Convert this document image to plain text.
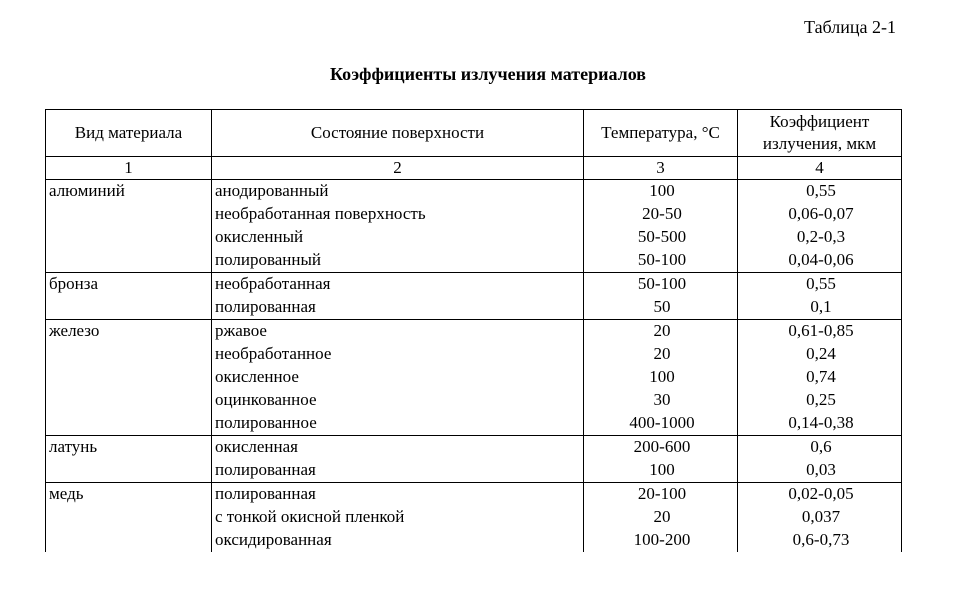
Таблица 2-1
Коэффициенты излучения материалов
Вид материала	Состояние поверхности	Температура, °C	Коэффициент
излучения, мкм

1	2	3	4
алюминий	анодированный	100	0,55
	необработанная поверхность	20-50	0,06-0,07
	окисленный	50-500	0,2-0,3
	полированный	50-100	0,04-0,06
бронза	необработанная	50-100	0,55
	полированная	50	0,1
железо	ржавое	20	0,61-0,85
	необработанное	20	0,24
	окисленное	100	0,74
	оцинкованное	30	0,25
	полированное	400-1000	0,14-0,38
латунь	окисленная	200-600	0,6
	полированная	100	0,03
медь	полированная	20-100	0,02-0,05
	с тонкой окисной пленкой	20	0,037
	оксидированная	100-200	0,6-0,73
